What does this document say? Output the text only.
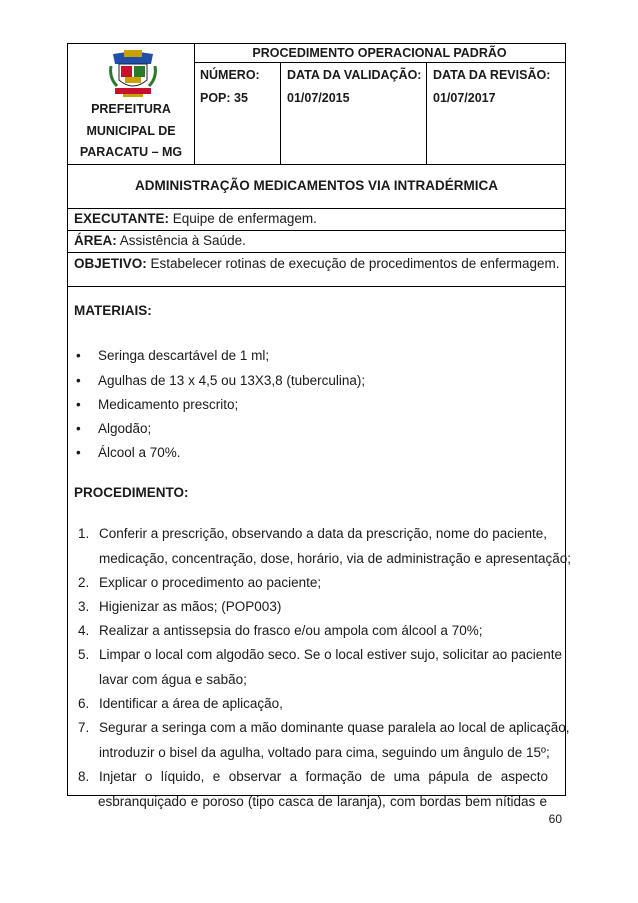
PREFEITURA
MUNICIPAL DE
PARACATU – MG
PROCEDIMENTO OPERACIONAL PADRÃO
NÚMERO:
POP: 35
DATA DA VALIDAÇÃO:
01/07/2015
DATA DA REVISÃO:
01/07/2017
ADMINISTRAÇÃO MEDICAMENTOS VIA INTRADÉRMICA
EXECUTANTE: Equipe de enfermagem.
ÁREA: Assistência à Saúde.
OBJETIVO: Estabelecer rotinas de execução de procedimentos de enfermagem.
MATERIAIS:
• Seringa descartável de 1 ml;
• Agulhas de 13 x 4,5 ou 13X3,8 (tuberculina);
• Medicamento prescrito;
• Algodão;
• Álcool a 70%.
PROCEDIMENTO:
1. Conferir a prescrição, observando a data da prescrição, nome do paciente,
medicação, concentração, dose, horário, via de administração e apresentação;
2. Explicar o procedimento ao paciente;
3. Higienizar as mãos; (POP003)
4. Realizar a antissepsia do frasco e/ou ampola com álcool a 70%;
5. Limpar o local com algodão seco. Se o local estiver sujo, solicitar ao paciente
lavar com água e sabão;
6. Identificar a área de aplicação,
7. Segurar a seringa com a mão dominante quase paralela ao local de aplicação,
introduzir o bisel da agulha, voltado para cima, seguindo um ângulo de 15º;
8. Injetar o líquido, e observar a formação de uma pápula de aspecto
esbranquiçado e poroso (tipo casca de laranja), com bordas bem nítidas e
60
